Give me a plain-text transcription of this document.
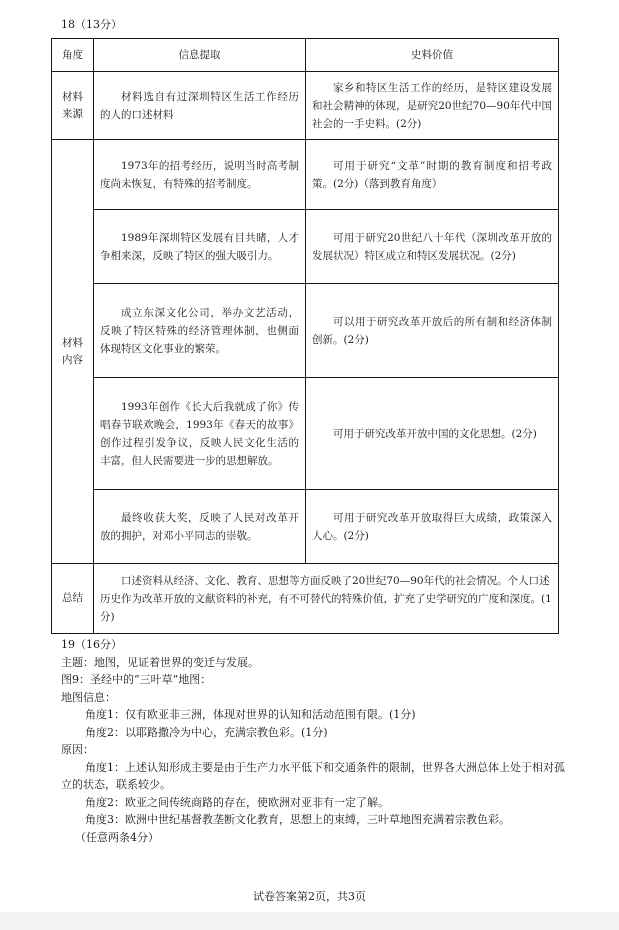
18（13分）
角度	信息提取	史料价值

材料来源	材料选自有过深圳特区生活工作经历的人的口述材料	家乡和特区生活工作的经历，是特区建设发展和社会精神的体现，是研究20世纪70—90年代中国社会的一手史料。(2分)

材料内容	1973年的招考经历，说明当时高考制度尚未恢复，有特殊的招考制度。	可用于研究“文革”时期的教育制度和招考政策。(2分)（落到教育角度）

	1989年深圳特区发展有目共睹，人才争相来深，反映了特区的强大吸引力。	可用于研究20世纪八十年代（深圳改革开放的发展状况）特区成立和特区发展状况。(2分)

	成立东深文化公司，举办文艺活动，反映了特区特殊的经济管理体制，也侧面体现特区文化事业的繁荣。	可以用于研究改革开放后的所有制和经济体制创新。(2分)

	1993年创作《长大后我就成了你》传唱春节联欢晚会，1993年《春天的故事》创作过程引发争议，反映人民文化生活的丰富，但人民需要进一步的思想解放。	可用于研究改革开放中国的文化思想。(2分)

	最终收获大奖，反映了人民对改革开放的拥护，对邓小平同志的崇敬。	可用于研究改革开放取得巨大成绩，政策深入人心。(2分)

总结	口述资料从经济、文化、教育、思想等方面反映了20世纪70—90年代的社会情况。个人口述历史作为改革开放的文献资料的补充，有不可替代的特殊价值，扩充了史学研究的广度和深度。(1分)	

19（16分）

主题：地图，见证着世界的变迁与发展。

图9：圣经中的“三叶草”地图：

地图信息：

角度1：仅有欧亚非三洲，体现对世界的认知和活动范围有限。(1分)

角度2：以耶路撒冷为中心，充满宗教色彩。(1分)

原因：

角度1：上述认知形成主要是由于生产力水平低下和交通条件的限制，世界各大洲总体上处于相对孤立的状态，联系较少。

角度2：欧亚之间传统商路的存在，使欧洲对亚非有一定了解。

角度3：欧洲中世纪基督教垄断文化教育，思想上的束缚，三叶草地图充满着宗教色彩。

（任意两条4分）

试卷答案第2页，共3页
